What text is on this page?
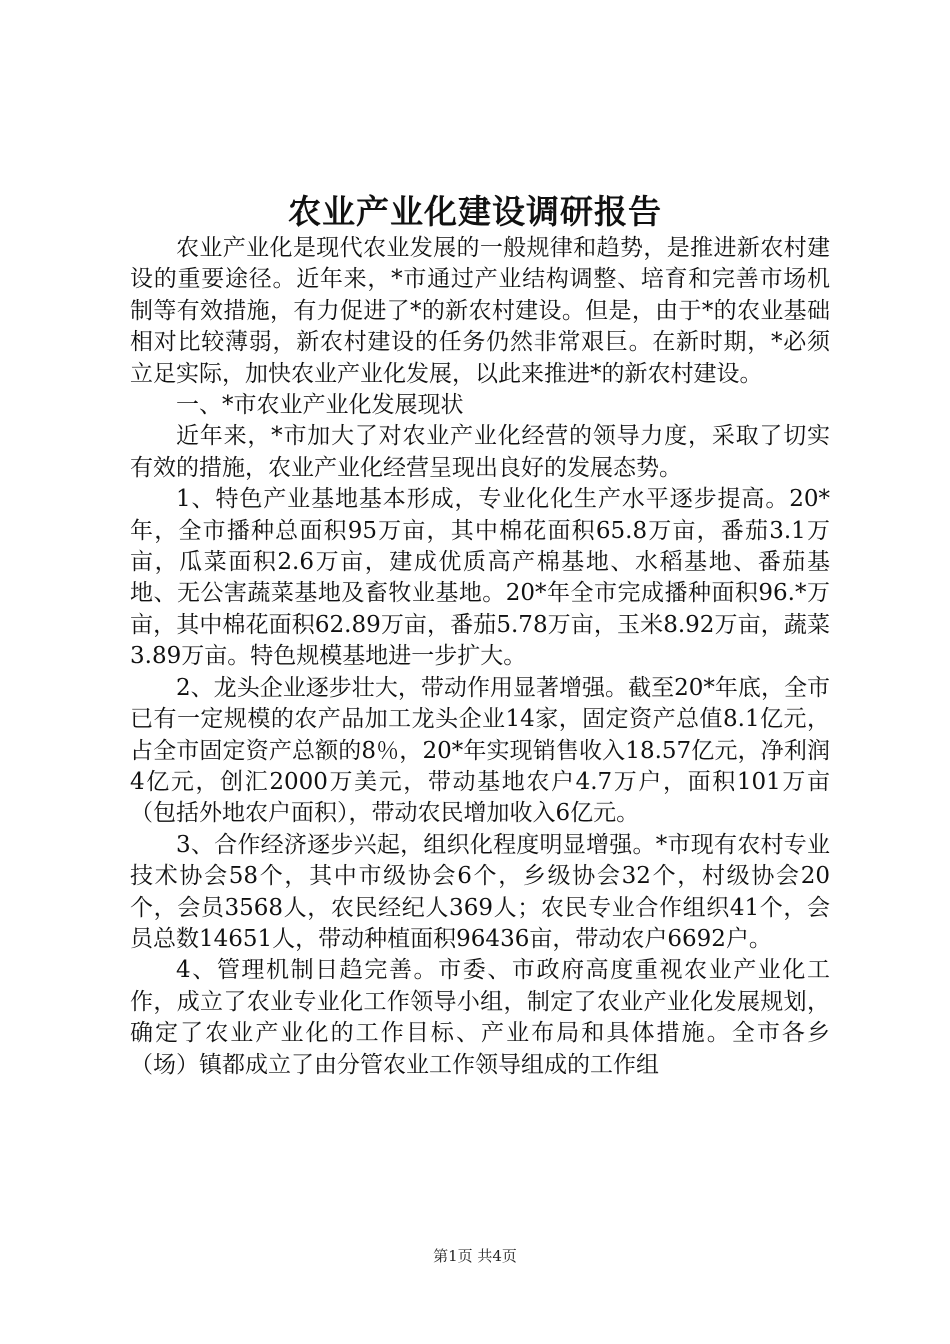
农业产业化建设调研报告

农业产业化是现代农业发展的一般规律和趋势，是推进新农村建设的重要途径。近年来，*市通过产业结构调整、培育和完善市场机制等有效措施，有力促进了*的新农村建设。但是，由于*的农业基础相对比较薄弱，新农村建设的任务仍然非常艰巨。在新时期，*必须立足实际，加快农业产业化发展，以此来推进*的新农村建设。

一、*市农业产业化发展现状

近年来，*市加大了对农业产业化经营的领导力度，采取了切实有效的措施，农业产业化经营呈现出良好的发展态势。

1、特色产业基地基本形成，专业化化生产水平逐步提高。20*年，全市播种总面积95万亩，其中棉花面积65.8万亩，番茄3.1万亩，瓜菜面积2.6万亩，建成优质高产棉基地、水稻基地、番茄基地、无公害蔬菜基地及畜牧业基地。20*年全市完成播种面积96.*万亩，其中棉花面积62.89万亩，番茄5.78万亩，玉米8.92万亩，蔬菜3.89万亩。特色规模基地进一步扩大。

2、龙头企业逐步壮大，带动作用显著增强。截至20*年底，全市已有一定规模的农产品加工龙头企业14家，固定资产总值8.1亿元，占全市固定资产总额的8％，20*年实现销售收入18.57亿元，净利润4亿元，创汇2000万美元，带动基地农户4.7万户，面积101万亩（包括外地农户面积），带动农民增加收入6亿元。

3、合作经济逐步兴起，组织化程度明显增强。*市现有农村专业技术协会58个，其中市级协会6个，乡级协会32个，村级协会20个，会员3568人，农民经纪人369人；农民专业合作组织41个，会员总数14651人，带动种植面积96436亩，带动农户6692户。

4、管理机制日趋完善。市委、市政府高度重视农业产业化工作，成立了农业专业化工作领导小组，制定了农业产业化发展规划，确定了农业产业化的工作目标、产业布局和具体措施。全市各乡（场）镇都成立了由分管农业工作领导组成的工作组

第1页 共4页
